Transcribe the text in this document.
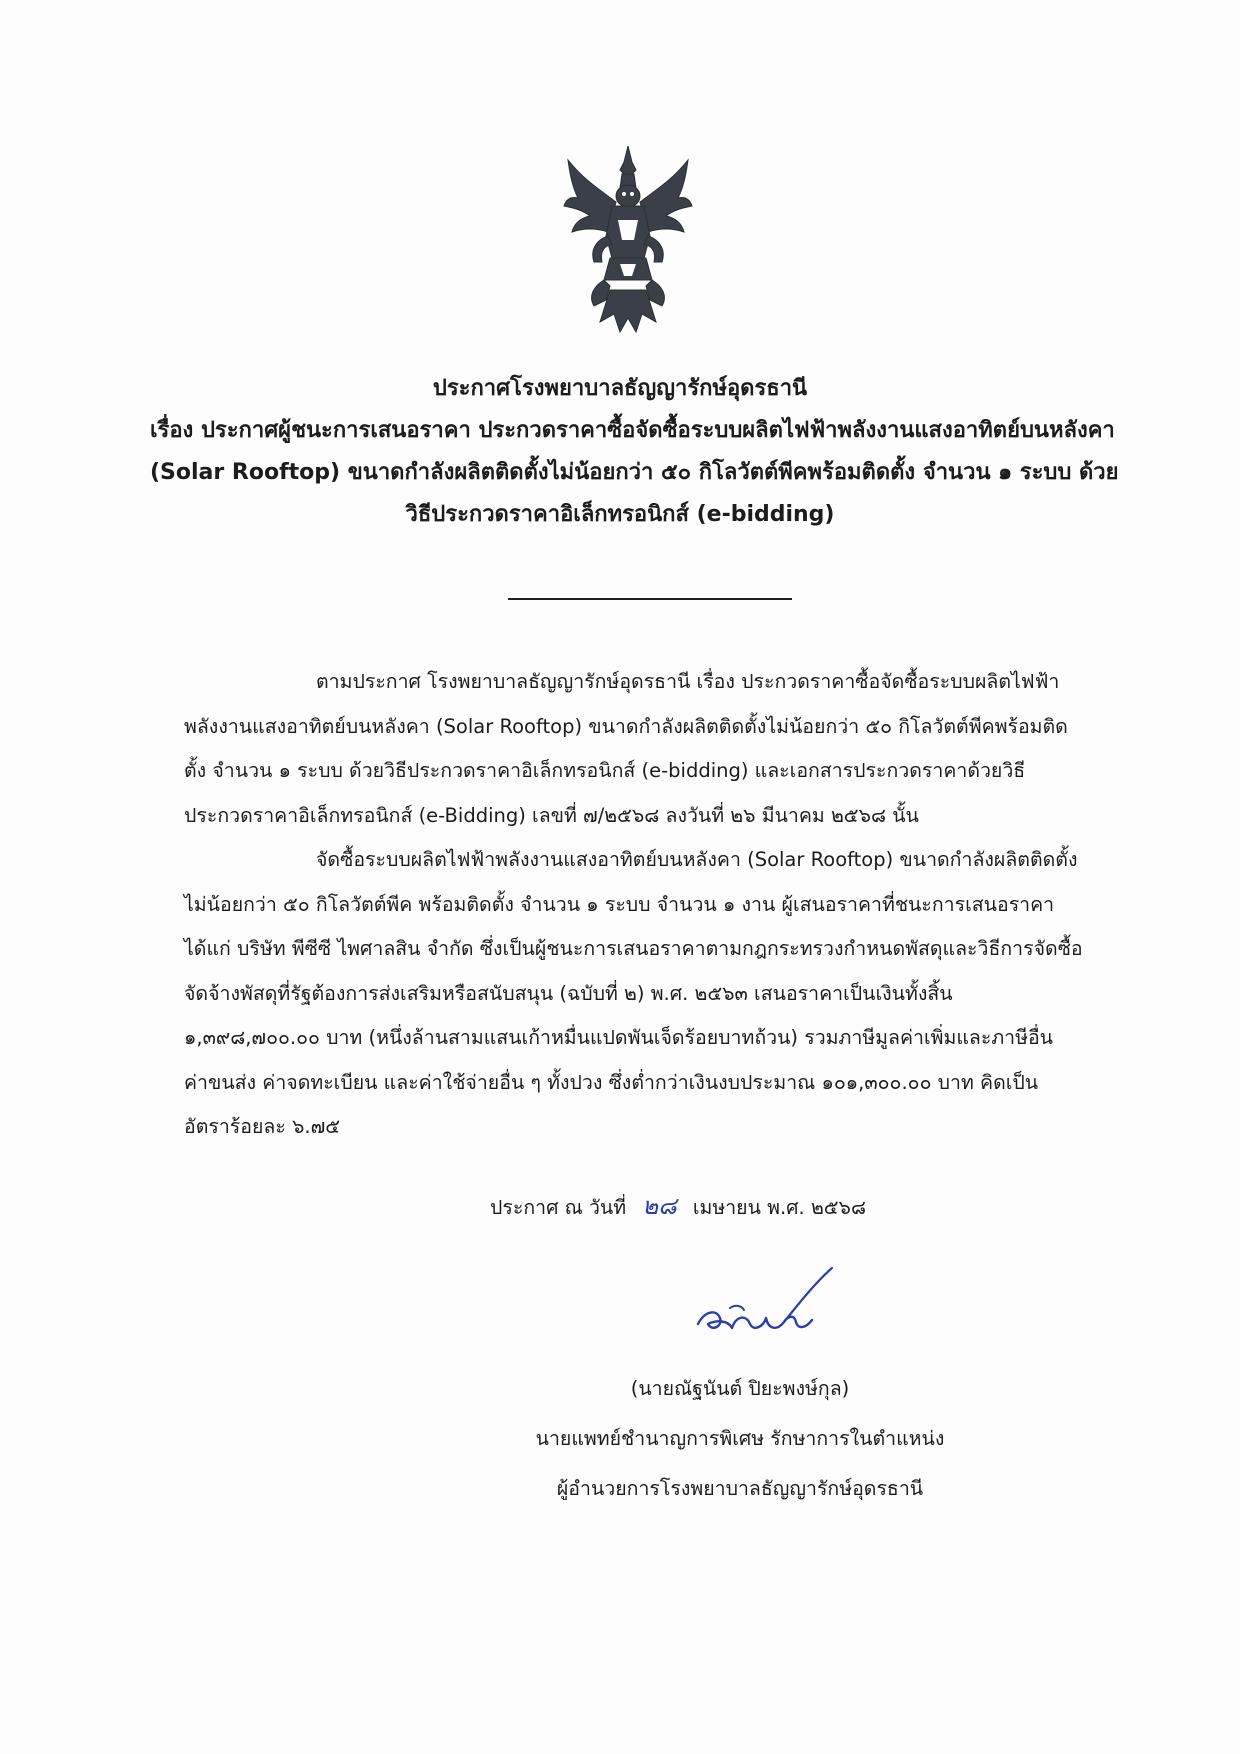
ประกาศโรงพยาบาลธัญญารักษ์อุดรธานี
เรื่อง ประกาศผู้ชนะการเสนอราคา ประกวดราคาซื้อจัดซื้อระบบผลิตไฟฟ้าพลังงานแสงอาทิตย์บนหลังคา
(Solar Rooftop) ขนาดกำลังผลิตติดตั้งไม่น้อยกว่า ๕๐ กิโลวัตต์พีคพร้อมติดตั้ง จำนวน ๑ ระบบ ด้วย
วิธีประกวดราคาอิเล็กทรอนิกส์ (e-bidding)
ตามประกาศ โรงพยาบาลธัญญารักษ์อุดรธานี เรื่อง ประกวดราคาซื้อจัดซื้อระบบผลิตไฟฟ้า
พลังงานแสงอาทิตย์บนหลังคา (Solar Rooftop) ขนาดกำลังผลิตติดตั้งไม่น้อยกว่า ๕๐ กิโลวัตต์พีคพร้อมติด
ตั้ง จำนวน ๑ ระบบ ด้วยวิธีประกวดราคาอิเล็กทรอนิกส์ (e-bidding) และเอกสารประกวดราคาด้วยวิธี
ประกวดราคาอิเล็กทรอนิกส์ (e-Bidding) เลขที่ ๗/๒๕๖๘ ลงวันที่ ๒๖ มีนาคม ๒๕๖๘ นั้น
จัดซื้อระบบผลิตไฟฟ้าพลังงานแสงอาทิตย์บนหลังคา (Solar Rooftop) ขนาดกำลังผลิตติดตั้ง
ไม่น้อยกว่า ๕๐ กิโลวัตต์พีค พร้อมติดตั้ง จำนวน ๑ ระบบ จำนวน ๑ งาน ผู้เสนอราคาที่ชนะการเสนอราคา
ได้แก่ บริษัท พีซีซี ไพศาลสิน จำกัด ซึ่งเป็นผู้ชนะการเสนอราคาตามกฎกระทรวงกำหนดพัสดุและวิธีการจัดซื้อ
จัดจ้างพัสดุที่รัฐต้องการส่งเสริมหรือสนับสนุน (ฉบับที่ ๒) พ.ศ. ๒๕๖๓ เสนอราคาเป็นเงินทั้งสิ้น
๑,๓๙๘,๗๐๐.๐๐ บาท (หนึ่งล้านสามแสนเก้าหมื่นแปดพันเจ็ดร้อยบาทถ้วน) รวมภาษีมูลค่าเพิ่มและภาษีอื่น
ค่าขนส่ง ค่าจดทะเบียน และค่าใช้จ่ายอื่น ๆ ทั้งปวง ซึ่งต่ำกว่าเงินงบประมาณ ๑๐๑,๓๐๐.๐๐ บาท คิดเป็น
อัตราร้อยละ ๖.๗๕
ประกาศ ณ วันที่ ๒๘ เมษายน พ.ศ. ๒๕๖๘
(นายณัฐนันต์ ปิยะพงษ์กุล)
นายแพทย์ชำนาญการพิเศษ รักษาการในตำแหน่ง
ผู้อำนวยการโรงพยาบาลธัญญารักษ์อุดรธานี
